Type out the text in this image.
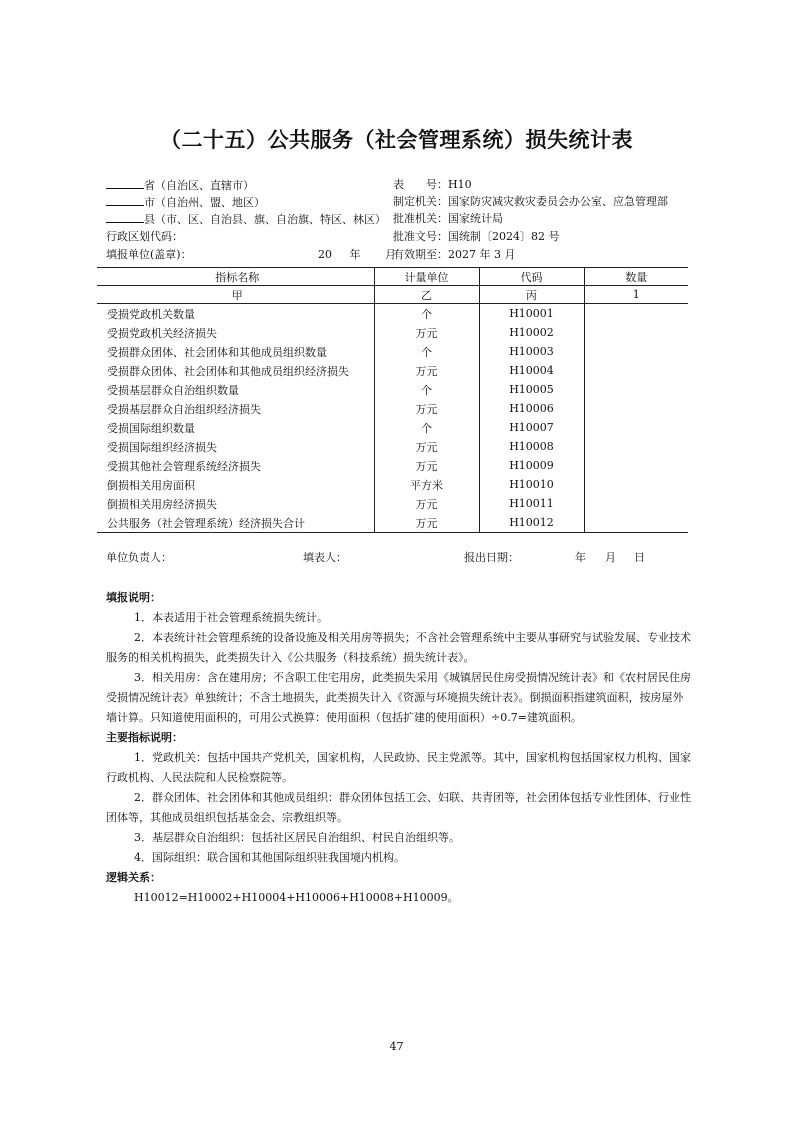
（二十五）公共服务（社会管理系统）损失统计表
省（自治区、直辖市）
市（自治州、盟、地区）
县（市、区、自治县、旗、自治旗、特区、林区）
行政区划代码：
填报单位(盖章)：	20 年 月
表　　号：H10
制定机关：国家防灾减灾救灾委员会办公室、应急管理部
批准机关：国家统计局
批准文号：国统制〔2024〕82 号
有效期至：2027 年 3 月
指标名称	计量单位	代码	数量
甲	乙	丙	1
受损党政机关数量	个	H10001	
受损党政机关经济损失	万元	H10002	
受损群众团体、社会团体和其他成员组织数量	个	H10003	
受损群众团体、社会团体和其他成员组织经济损失	万元	H10004	
受损基层群众自治组织数量	个	H10005	
受损基层群众自治组织经济损失	万元	H10006	
受损国际组织数量	个	H10007	
受损国际组织经济损失	万元	H10008	
受损其他社会管理系统经济损失	万元	H10009	
倒损相关用房面积	平方米	H10010	
倒损相关用房经济损失	万元	H10011	
公共服务（社会管理系统）经济损失合计	万元	H10012	
单位负责人：	填表人：	报出日期：	年 月 日
填报说明：
1．本表适用于社会管理系统损失统计。
2．本表统计社会管理系统的设备设施及相关用房等损失；不含社会管理系统中主要从事研究与试验发展、专业技术服务的相关机构损失，此类损失计入《公共服务（科技系统）损失统计表》。
3．相关用房：含在建用房；不含职工住宅用房，此类损失采用《城镇居民住房受损情况统计表》和《农村居民住房受损情况统计表》单独统计；不含土地损失，此类损失计入《资源与环境损失统计表》。倒损面积指建筑面积，按房屋外墙计算。只知道使用面积的，可用公式换算：使用面积（包括扩建的使用面积）÷0.7=建筑面积。
主要指标说明：
1．党政机关：包括中国共产党机关，国家机构，人民政协、民主党派等。其中，国家机构包括国家权力机构、国家行政机构、人民法院和人民检察院等。
2．群众团体、社会团体和其他成员组织：群众团体包括工会、妇联、共青团等，社会团体包括专业性团体、行业性团体等，其他成员组织包括基金会、宗教组织等。
3．基层群众自治组织：包括社区居民自治组织、村民自治组织等。
4．国际组织：联合国和其他国际组织驻我国境内机构。
逻辑关系：
H10012=H10002+H10004+H10006+H10008+H10009。
47
